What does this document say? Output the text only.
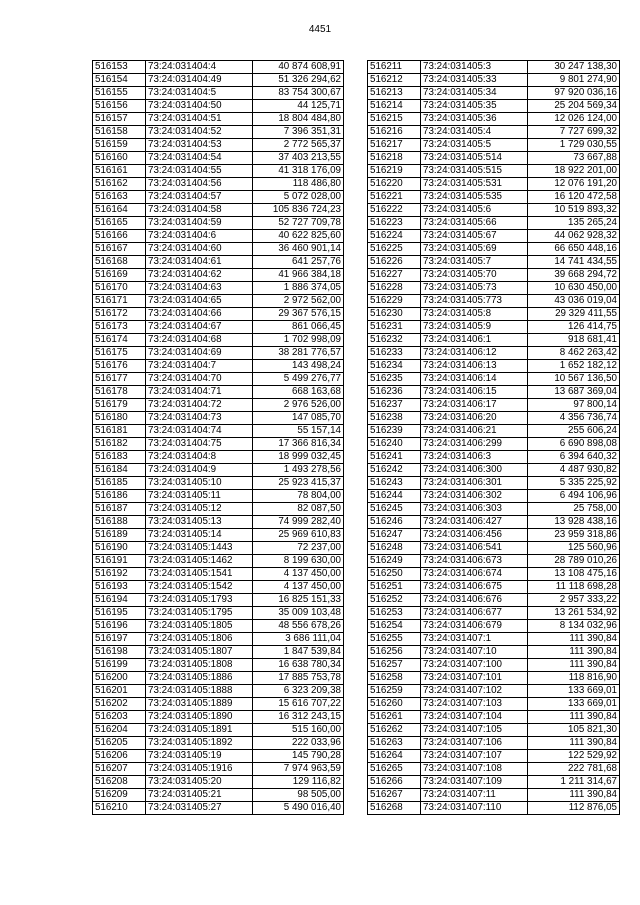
4451
516153	73:24:031404:4	40 874 608,91
516154	73:24:031404:49	51 326 294,62
516155	73:24:031404:5	83 754 300,67
516156	73:24:031404:50	44 125,71
516157	73:24:031404:51	18 804 484,80
516158	73:24:031404:52	7 396 351,31
516159	73:24:031404:53	2 772 565,37
516160	73:24:031404:54	37 403 213,55
516161	73:24:031404:55	41 318 176,09
516162	73:24:031404:56	118 486,80
516163	73:24:031404:57	5 072 028,00
516164	73:24:031404:58	105 836 724,23
516165	73:24:031404:59	52 727 709,78
516166	73:24:031404:6	40 622 825,60
516167	73:24:031404:60	36 460 901,14
516168	73:24:031404:61	641 257,76
516169	73:24:031404:62	41 966 384,18
516170	73:24:031404:63	1 886 374,05
516171	73:24:031404:65	2 972 562,00
516172	73:24:031404:66	29 367 576,15
516173	73:24:031404:67	861 066,45
516174	73:24:031404:68	1 702 998,09
516175	73:24:031404:69	38 281 776,57
516176	73:24:031404:7	143 498,24
516177	73:24:031404:70	5 499 276,77
516178	73:24:031404:71	668 163,68
516179	73:24:031404:72	2 976 526,00
516180	73:24:031404:73	147 085,70
516181	73:24:031404:74	55 157,14
516182	73:24:031404:75	17 366 816,34
516183	73:24:031404:8	18 999 032,45
516184	73:24:031404:9	1 493 278,56
516185	73:24:031405:10	25 923 415,37
516186	73:24:031405:11	78 804,00
516187	73:24:031405:12	82 087,50
516188	73:24:031405:13	74 999 282,40
516189	73:24:031405:14	25 969 610,83
516190	73:24:031405:1443	72 237,00
516191	73:24:031405:1462	8 199 630,00
516192	73:24:031405:1541	4 137 450,00
516193	73:24:031405:1542	4 137 450,00
516194	73:24:031405:1793	16 825 151,33
516195	73:24:031405:1795	35 009 103,48
516196	73:24:031405:1805	48 556 678,26
516197	73:24:031405:1806	3 686 111,04
516198	73:24:031405:1807	1 847 539,84
516199	73:24:031405:1808	16 638 780,34
516200	73:24:031405:1886	17 885 753,78
516201	73:24:031405:1888	6 323 209,38
516202	73:24:031405:1889	15 616 707,22
516203	73:24:031405:1890	16 312 243,15
516204	73:24:031405:1891	515 160,00
516205	73:24:031405:1892	222 033,96
516206	73:24:031405:19	145 790,28
516207	73:24:031405:1916	7 974 963,59
516208	73:24:031405:20	129 116,82
516209	73:24:031405:21	98 505,00
516210	73:24:031405:27	5 490 016,40
516211	73:24:031405:3	30 247 138,30
516212	73:24:031405:33	9 801 274,90
516213	73:24:031405:34	97 920 036,16
516214	73:24:031405:35	25 204 569,34
516215	73:24:031405:36	12 026 124,00
516216	73:24:031405:4	7 727 699,32
516217	73:24:031405:5	1 729 030,55
516218	73:24:031405:514	73 667,88
516219	73:24:031405:515	18 922 201,00
516220	73:24:031405:531	12 076 191,20
516221	73:24:031405:535	16 120 472,58
516222	73:24:031405:6	10 519 893,32
516223	73:24:031405:66	135 265,24
516224	73:24:031405:67	44 062 928,32
516225	73:24:031405:69	66 650 448,16
516226	73:24:031405:7	14 741 434,55
516227	73:24:031405:70	39 668 294,72
516228	73:24:031405:73	10 630 450,00
516229	73:24:031405:773	43 036 019,04
516230	73:24:031405:8	29 329 411,55
516231	73:24:031405:9	126 414,75
516232	73:24:031406:1	918 681,41
516233	73:24:031406:12	8 462 263,42
516234	73:24:031406:13	1 652 182,12
516235	73:24:031406:14	10 567 136,50
516236	73:24:031406:15	13 687 369,04
516237	73:24:031406:17	97 800,14
516238	73:24:031406:20	4 356 736,74
516239	73:24:031406:21	255 606,24
516240	73:24:031406:299	6 690 898,08
516241	73:24:031406:3	6 394 640,32
516242	73:24:031406:300	4 487 930,82
516243	73:24:031406:301	5 335 225,92
516244	73:24:031406:302	6 494 106,96
516245	73:24:031406:303	25 758,00
516246	73:24:031406:427	13 928 438,16
516247	73:24:031406:456	23 959 318,86
516248	73:24:031406:541	125 560,96
516249	73:24:031406:673	28 789 010,26
516250	73:24:031406:674	13 108 475,16
516251	73:24:031406:675	11 118 698,28
516252	73:24:031406:676	2 957 333,22
516253	73:24:031406:677	13 261 534,92
516254	73:24:031406:679	8 134 032,96
516255	73:24:031407:1	111 390,84
516256	73:24:031407:10	111 390,84
516257	73:24:031407:100	111 390,84
516258	73:24:031407:101	118 816,90
516259	73:24:031407:102	133 669,01
516260	73:24:031407:103	133 669,01
516261	73:24:031407:104	111 390,84
516262	73:24:031407:105	105 821,30
516263	73:24:031407:106	111 390,84
516264	73:24:031407:107	122 529,92
516265	73:24:031407:108	222 781,68
516266	73:24:031407:109	1 211 314,67
516267	73:24:031407:11	111 390,84
516268	73:24:031407:110	112 876,05
